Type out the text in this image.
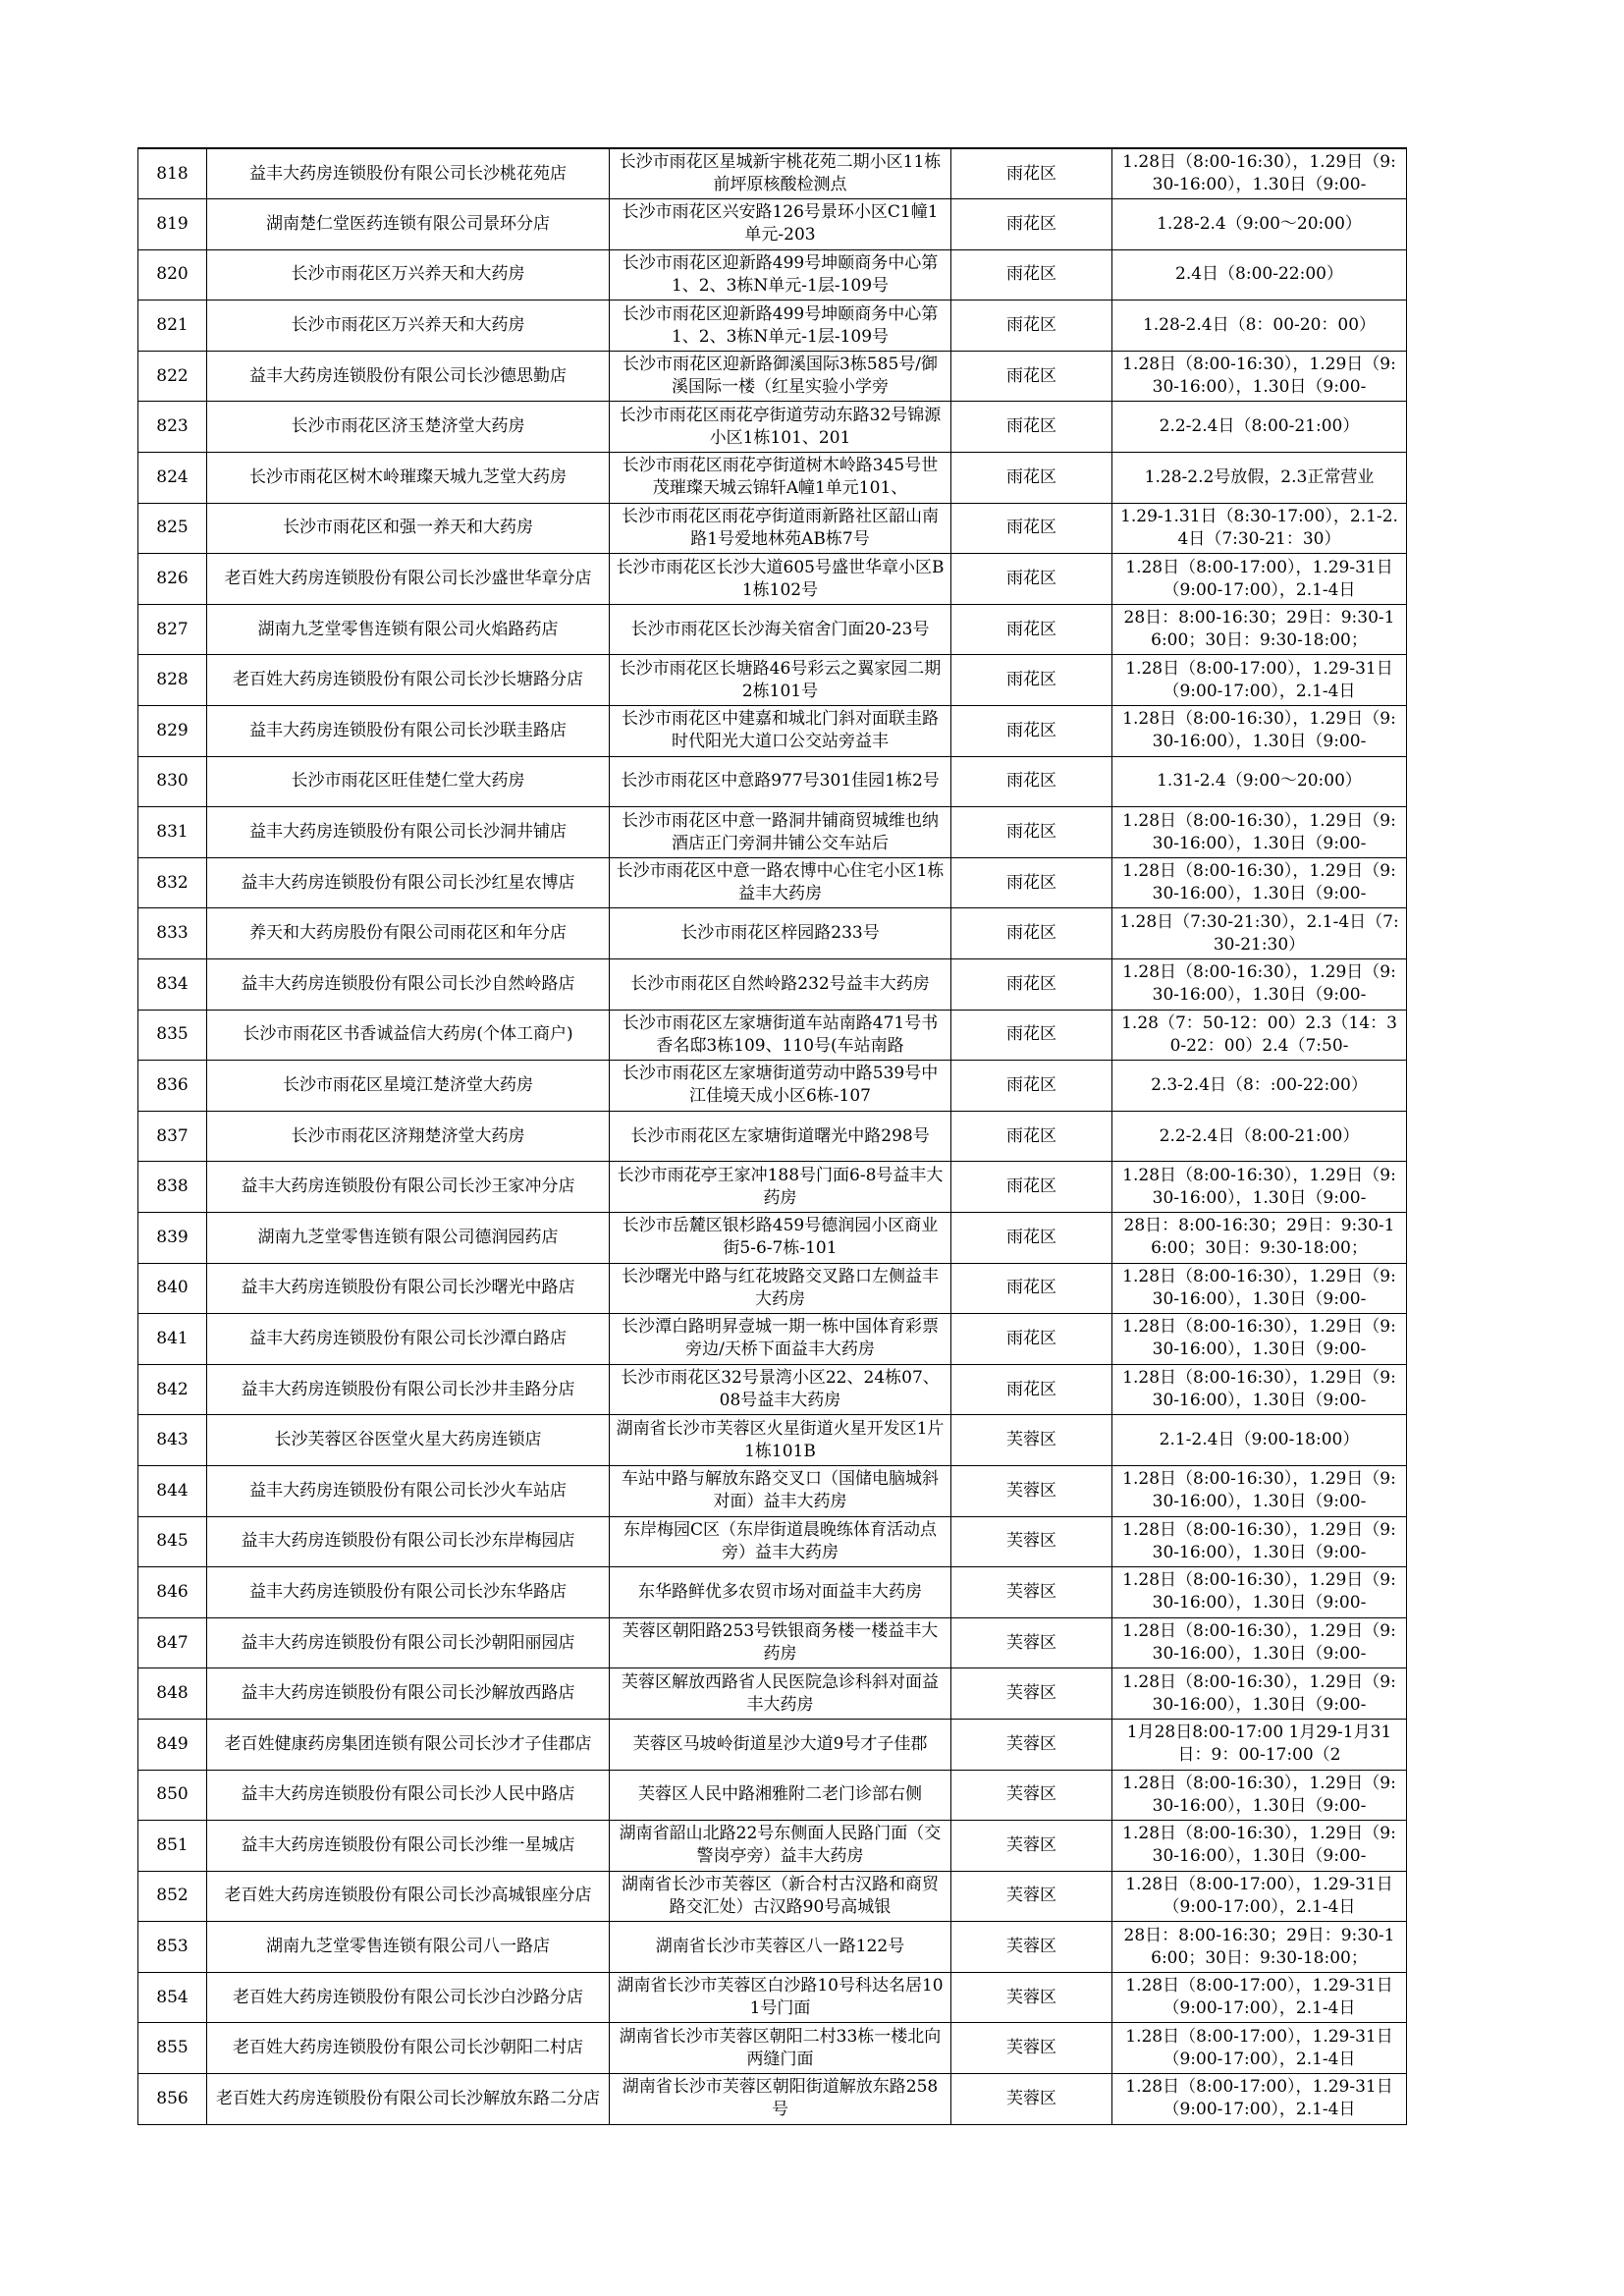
818	益丰大药房连锁股份有限公司长沙桃花苑店	长沙市雨花区星城新宇桃花苑二期小区11栋前坪原核酸检测点	雨花区	1.28日（8:00-16:30），1.29日（9:30-16:00），1.30日（9:00-

819	湖南楚仁堂医药连锁有限公司景环分店	长沙市雨花区兴安路126号景环小区C1幢1单元-203	雨花区	1.28-2.4（9:00～20:00）

820	长沙市雨花区万兴养天和大药房	长沙市雨花区迎新路499号坤颐商务中心第1、2、3栋N单元-1层-109号	雨花区	2.4日（8:00-22:00）

821	长沙市雨花区万兴养天和大药房	长沙市雨花区迎新路499号坤颐商务中心第1、2、3栋N单元-1层-109号	雨花区	1.28-2.4日（8：00-20：00）

822	益丰大药房连锁股份有限公司长沙德思勤店	长沙市雨花区迎新路御溪国际3栋585号/御溪国际一楼（红星实验小学旁	雨花区	1.28日（8:00-16:30），1.29日（9:30-16:00），1.30日（9:00-

823	长沙市雨花区济玉楚济堂大药房	长沙市雨花区雨花亭街道劳动东路32号锦源小区1栋101、201	雨花区	2.2-2.4日（8:00-21:00）

824	长沙市雨花区树木岭璀璨天城九芝堂大药房	长沙市雨花区雨花亭街道树木岭路345号世茂璀璨天城云锦轩A幢1单元101、	雨花区	1.28-2.2号放假，2.3正常营业

825	长沙市雨花区和强一养天和大药房	长沙市雨花区雨花亭街道雨新路社区韶山南路1号爱地林苑AB栋7号	雨花区	1.29-1.31日（8:30-17:00），2.1-2.4日（7:30-21：30）

826	老百姓大药房连锁股份有限公司长沙盛世华章分店	长沙市雨花区长沙大道605号盛世华章小区B1栋102号	雨花区	1.28日（8:00-17:00），1.29-31日（9:00-17:00），2.1-4日

827	湖南九芝堂零售连锁有限公司火焰路药店	长沙市雨花区长沙海关宿舍门面20-23号	雨花区	28日：8:00-16:30；29日：9:30-16:00；30日：9:30-18:00；

828	老百姓大药房连锁股份有限公司长沙长塘路分店	长沙市雨花区长塘路46号彩云之翼家园二期2栋101号	雨花区	1.28日（8:00-17:00），1.29-31日（9:00-17:00），2.1-4日

829	益丰大药房连锁股份有限公司长沙联圭路店	长沙市雨花区中建嘉和城北门斜对面联圭路时代阳光大道口公交站旁益丰	雨花区	1.28日（8:00-16:30），1.29日（9:30-16:00），1.30日（9:00-

830	长沙市雨花区旺佳楚仁堂大药房	长沙市雨花区中意路977号301佳园1栋2号	雨花区	1.31-2.4（9:00～20:00）

831	益丰大药房连锁股份有限公司长沙洞井铺店	长沙市雨花区中意一路洞井铺商贸城维也纳酒店正门旁洞井铺公交车站后	雨花区	1.28日（8:00-16:30），1.29日（9:30-16:00），1.30日（9:00-

832	益丰大药房连锁股份有限公司长沙红星农博店	长沙市雨花区中意一路农博中心住宅小区1栋益丰大药房	雨花区	1.28日（8:00-16:30），1.29日（9:30-16:00），1.30日（9:00-

833	养天和大药房股份有限公司雨花区和年分店	长沙市雨花区梓园路233号	雨花区	1.28日（7:30-21:30），2.1-4日（7:30-21:30）

834	益丰大药房连锁股份有限公司长沙自然岭路店	长沙市雨花区自然岭路232号益丰大药房	雨花区	1.28日（8:00-16:30），1.29日（9:30-16:00），1.30日（9:00-

835	长沙市雨花区书香诚益信大药房(个体工商户)	长沙市雨花区左家塘街道车站南路471号书香名邸3栋109、110号(车站南路	雨花区	1.28（7：50-12：00）2.3（14：30-22：00）2.4（7:50-

836	长沙市雨花区星境江楚济堂大药房	长沙市雨花区左家塘街道劳动中路539号中江佳境天成小区6栋-107	雨花区	2.3-2.4日（8：:00-22:00）

837	长沙市雨花区济翔楚济堂大药房	长沙市雨花区左家塘街道曙光中路298号	雨花区	2.2-2.4日（8:00-21:00）

838	益丰大药房连锁股份有限公司长沙王家冲分店	长沙市雨花亭王家冲188号门面6-8号益丰大药房	雨花区	1.28日（8:00-16:30），1.29日（9:30-16:00），1.30日（9:00-

839	湖南九芝堂零售连锁有限公司德润园药店	长沙市岳麓区银杉路459号德润园小区商业街5-6-7栋-101	雨花区	28日：8:00-16:30；29日：9:30-16:00；30日：9:30-18:00；

840	益丰大药房连锁股份有限公司长沙曙光中路店	长沙曙光中路与红花坡路交叉路口左侧益丰大药房	雨花区	1.28日（8:00-16:30），1.29日（9:30-16:00），1.30日（9:00-

841	益丰大药房连锁股份有限公司长沙潭白路店	长沙潭白路明昇壹城一期一栋中国体育彩票旁边/天桥下面益丰大药房	雨花区	1.28日（8:00-16:30），1.29日（9:30-16:00），1.30日（9:00-

842	益丰大药房连锁股份有限公司长沙井圭路分店	长沙市雨花区32号景湾小区22、24栋07、08号益丰大药房	雨花区	1.28日（8:00-16:30），1.29日（9:30-16:00），1.30日（9:00-

843	长沙芙蓉区谷医堂火星大药房连锁店	湖南省长沙市芙蓉区火星街道火星开发区1片1栋101B	芙蓉区	2.1-2.4日（9:00-18:00）

844	益丰大药房连锁股份有限公司长沙火车站店	车站中路与解放东路交叉口（国储电脑城斜对面）益丰大药房	芙蓉区	1.28日（8:00-16:30），1.29日（9:30-16:00），1.30日（9:00-

845	益丰大药房连锁股份有限公司长沙东岸梅园店	东岸梅园C区（东岸街道晨晚练体育活动点旁）益丰大药房	芙蓉区	1.28日（8:00-16:30），1.29日（9:30-16:00），1.30日（9:00-

846	益丰大药房连锁股份有限公司长沙东华路店	东华路鲜优多农贸市场对面益丰大药房	芙蓉区	1.28日（8:00-16:30），1.29日（9:30-16:00），1.30日（9:00-

847	益丰大药房连锁股份有限公司长沙朝阳丽园店	芙蓉区朝阳路253号铁银商务楼一楼益丰大药房	芙蓉区	1.28日（8:00-16:30），1.29日（9:30-16:00），1.30日（9:00-

848	益丰大药房连锁股份有限公司长沙解放西路店	芙蓉区解放西路省人民医院急诊科斜对面益丰大药房	芙蓉区	1.28日（8:00-16:30），1.29日（9:30-16:00），1.30日（9:00-

849	老百姓健康药房集团连锁有限公司长沙才子佳郡店	芙蓉区马坡岭街道星沙大道9号才子佳郡	芙蓉区	1月28日8:00-17:00 1月29-1月31日：9：00-17:00（2

850	益丰大药房连锁股份有限公司长沙人民中路店	芙蓉区人民中路湘雅附二老门诊部右侧	芙蓉区	1.28日（8:00-16:30），1.29日（9:30-16:00），1.30日（9:00-

851	益丰大药房连锁股份有限公司长沙维一星城店	湖南省韶山北路22号东侧面人民路门面（交警岗亭旁）益丰大药房	芙蓉区	1.28日（8:00-16:30），1.29日（9:30-16:00），1.30日（9:00-

852	老百姓大药房连锁股份有限公司长沙高城银座分店	湖南省长沙市芙蓉区（新合村古汉路和商贸路交汇处）古汉路90号高城银	芙蓉区	1.28日（8:00-17:00），1.29-31日（9:00-17:00），2.1-4日

853	湖南九芝堂零售连锁有限公司八一路店	湖南省长沙市芙蓉区八一路122号	芙蓉区	28日：8:00-16:30；29日：9:30-16:00；30日：9:30-18:00；

854	老百姓大药房连锁股份有限公司长沙白沙路分店	湖南省长沙市芙蓉区白沙路10号科达名居101号门面	芙蓉区	1.28日（8:00-17:00），1.29-31日（9:00-17:00），2.1-4日

855	老百姓大药房连锁股份有限公司长沙朝阳二村店	湖南省长沙市芙蓉区朝阳二村33栋一楼北向两缝门面	芙蓉区	1.28日（8:00-17:00），1.29-31日（9:00-17:00），2.1-4日

856	老百姓大药房连锁股份有限公司长沙解放东路二分店	湖南省长沙市芙蓉区朝阳街道解放东路258号	芙蓉区	1.28日（8:00-17:00），1.29-31日（9:00-17:00），2.1-4日
